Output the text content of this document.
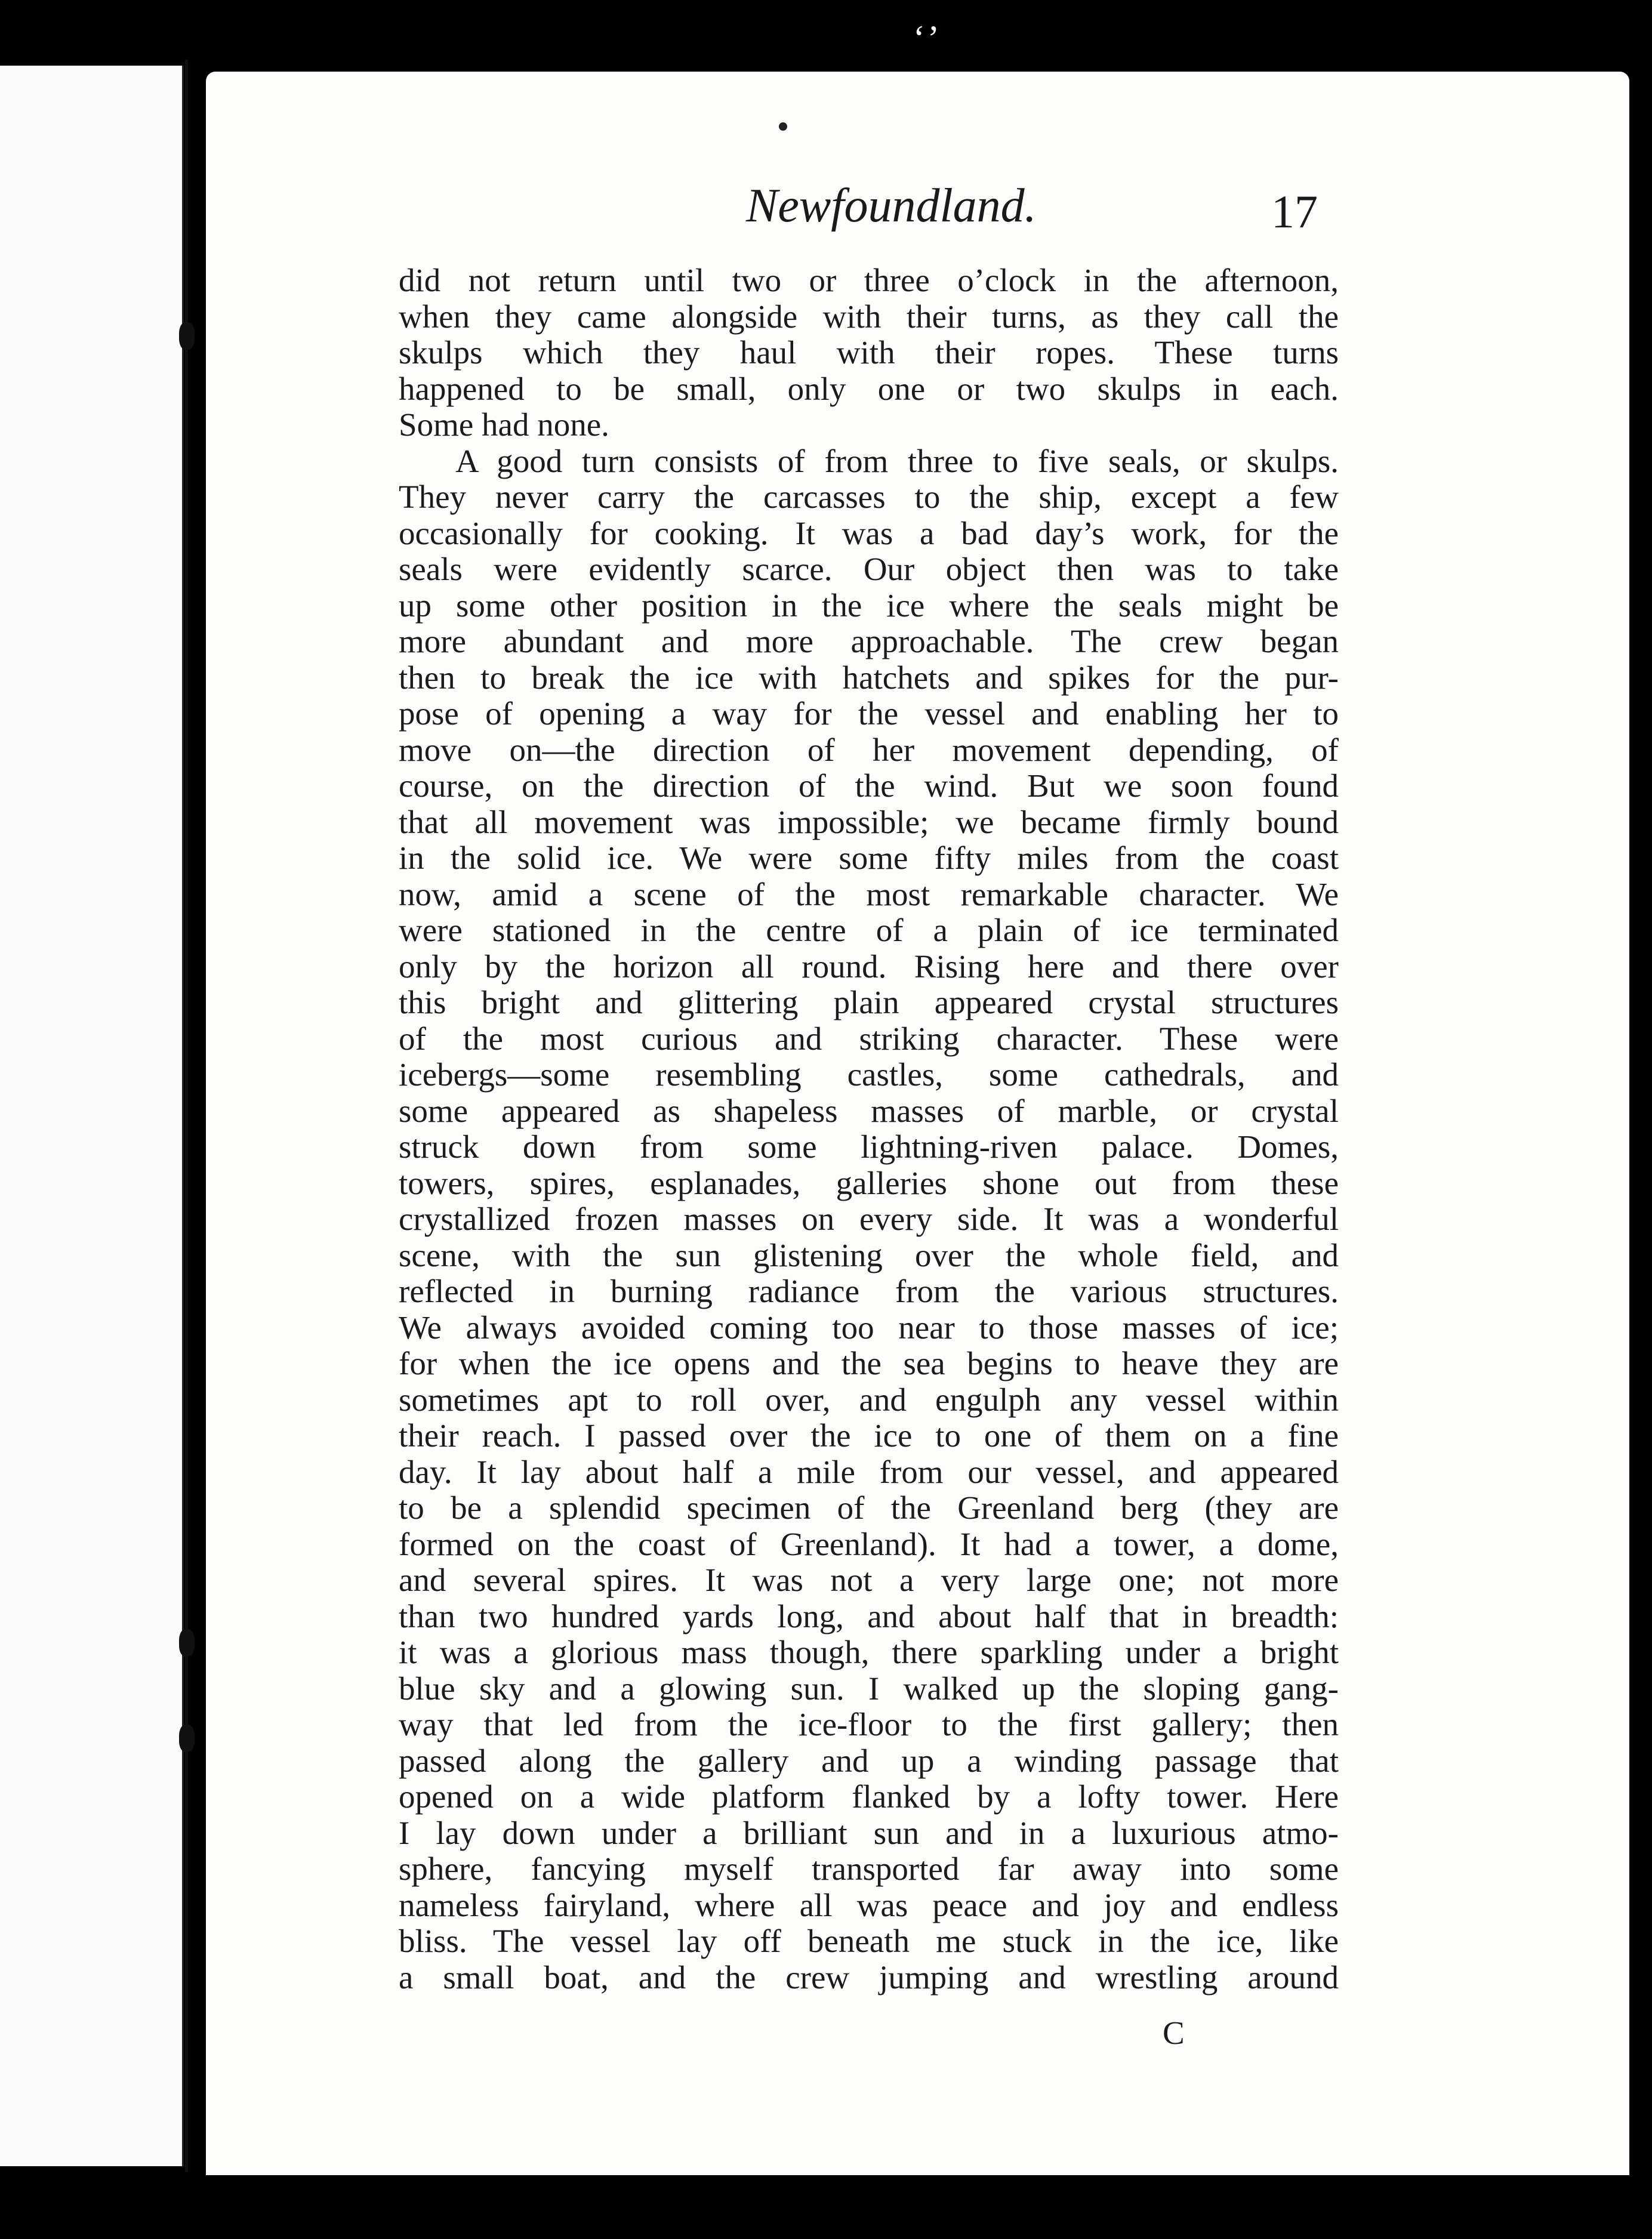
‘’
Newfoundland.	17
did not return until two or three o’clock in the afternoon,
when they came alongside with their turns, as they call the
skulps which they haul with their ropes. These turns
happened to be small, only one or two skulps in each.
Some had none.
A good turn consists of from three to five seals, or skulps.
They never carry the carcasses to the ship, except a few
occasionally for cooking. It was a bad day’s work, for the
seals were evidently scarce. Our object then was to take
up some other position in the ice where the seals might be
more abundant and more approachable. The crew began
then to break the ice with hatchets and spikes for the pur-
pose of opening a way for the vessel and enabling her to
move on—the direction of her movement depending, of
course, on the direction of the wind. But we soon found
that all movement was impossible; we became firmly bound
in the solid ice. We were some fifty miles from the coast
now, amid a scene of the most remarkable character. We
were stationed in the centre of a plain of ice terminated
only by the horizon all round. Rising here and there over
this bright and glittering plain appeared crystal structures
of the most curious and striking character. These were
icebergs—some resembling castles, some cathedrals, and
some appeared as shapeless masses of marble, or crystal
struck down from some lightning-riven palace. Domes,
towers, spires, esplanades, galleries shone out from these
crystallized frozen masses on every side. It was a wonderful
scene, with the sun glistening over the whole field, and
reflected in burning radiance from the various structures.
We always avoided coming too near to those masses of ice;
for when the ice opens and the sea begins to heave they are
sometimes apt to roll over, and engulph any vessel within
their reach. I passed over the ice to one of them on a fine
day. It lay about half a mile from our vessel, and appeared
to be a splendid specimen of the Greenland berg (they are
formed on the coast of Greenland). It had a tower, a dome,
and several spires. It was not a very large one; not more
than two hundred yards long, and about half that in breadth:
it was a glorious mass though, there sparkling under a bright
blue sky and a glowing sun. I walked up the sloping gang-
way that led from the ice-floor to the first gallery; then
passed along the gallery and up a winding passage that
opened on a wide platform flanked by a lofty tower. Here
I lay down under a brilliant sun and in a luxurious atmo-
sphere, fancying myself transported far away into some
nameless fairyland, where all was peace and joy and endless
bliss. The vessel lay off beneath me stuck in the ice, like
a small boat, and the crew jumping and wrestling around
C
